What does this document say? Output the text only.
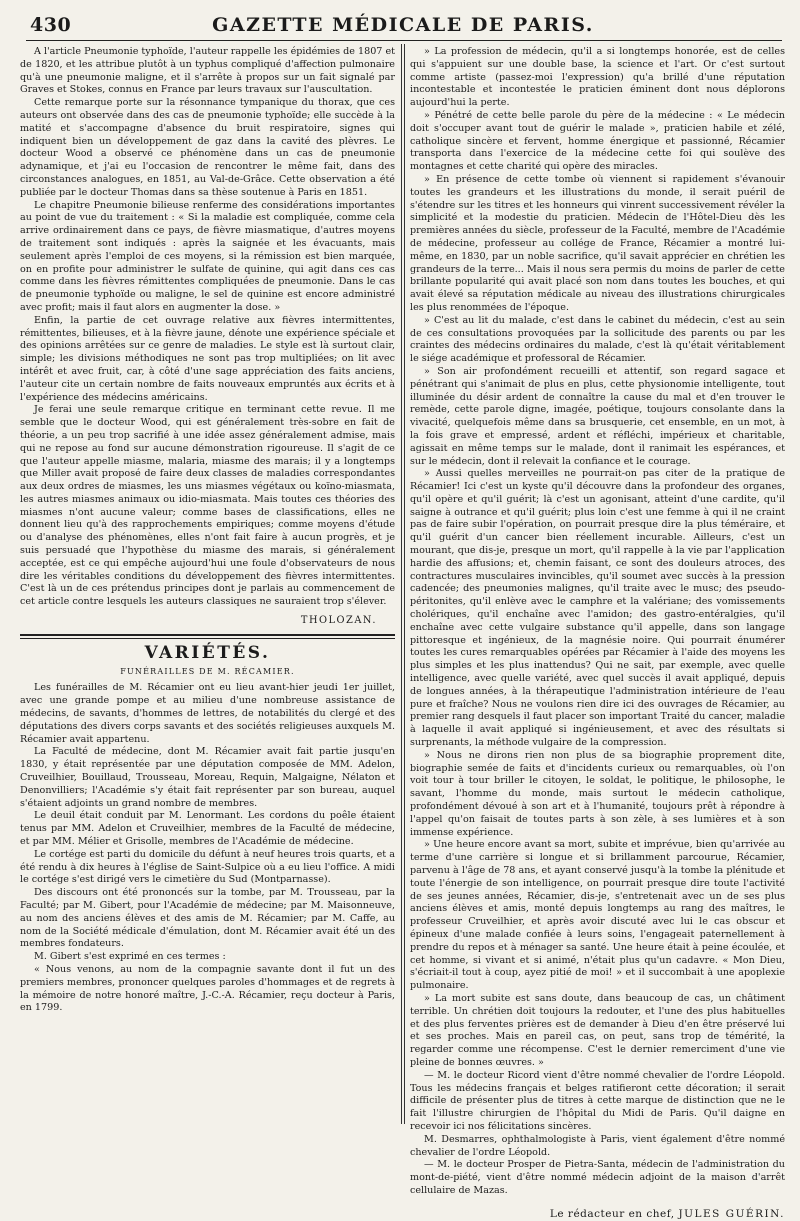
430	GAZETTE MÉDICALE DE PARIS.

A l'article Pneumonie typhoïde, l'auteur rappelle les épidémies de 1807 et de 1820, et les attribue plutôt à un typhus compliqué d'affection pulmonaire qu'à une pneumonie maligne, et il s'arrête à propos sur un fait signalé par Graves et Stokes, connus en France par leurs travaux sur l'auscultation.

Cette remarque porte sur la résonnance tympanique du thorax, que ces auteurs ont observée dans des cas de pneumonie typhoïde; elle succède à la matité et s'accompagne d'absence du bruit respiratoire, signes qui indiquent bien un développement de gaz dans la cavité des plèvres. Le docteur Wood a observé ce phénomène dans un cas de pneumonie adynamique, et j'ai eu l'occasion de rencontrer le même fait, dans des circonstances analogues, en 1851, au Val-de-Grâce. Cette observation a été publiée par le docteur Thomas dans sa thèse soutenue à Paris en 1851.

Le chapitre Pneumonie bilieuse renferme des considérations importantes au point de vue du traitement : « Si la maladie est compliquée, comme cela arrive ordinairement dans ce pays, de fièvre miasmatique, d'autres moyens de traitement sont indiqués : après la saignée et les évacuants, mais seulement après l'emploi de ces moyens, si la rémission est bien marquée, on en profite pour administrer le sulfate de quinine, qui agit dans ces cas comme dans les fièvres rémittentes compliquées de pneumonie. Dans le cas de pneumonie typhoïde ou maligne, le sel de quinine est encore administré avec profit; mais il faut alors en augmenter la dose. »

Enfin, la partie de cet ouvrage relative aux fièvres intermittentes, rémittentes, bilieuses, et à la fièvre jaune, dénote une expérience spéciale et des opinions arrêtées sur ce genre de maladies. Le style est là surtout clair, simple; les divisions méthodiques ne sont pas trop multipliées; on lit avec intérêt et avec fruit, car, à côté d'une sage appréciation des faits anciens, l'auteur cite un certain nombre de faits nouveaux empruntés aux écrits et à l'expérience des médecins américains.

Je ferai une seule remarque critique en terminant cette revue. Il me semble que le docteur Wood, qui est généralement très-sobre en fait de théorie, a un peu trop sacrifié à une idée assez généralement admise, mais qui ne repose au fond sur aucune démonstration rigoureuse. Il s'agit de ce que l'auteur appelle miasme, malaria, miasme des marais; il y a longtemps que Miller avait proposé de faire deux classes de maladies correspondantes aux deux ordres de miasmes, les uns miasmes végétaux ou koïno-miasmata, les autres miasmes animaux ou idio-miasmata. Mais toutes ces théories des miasmes n'ont aucune valeur; comme bases de classifications, elles ne donnent lieu qu'à des rapprochements empiriques; comme moyens d'étude ou d'analyse des phénomènes, elles n'ont fait faire à aucun progrès, et je suis persuadé que l'hypothèse du miasme des marais, si généralement acceptée, est ce qui empêche aujourd'hui une foule d'observateurs de nous dire les véritables conditions du développement des fièvres intermittentes. C'est là un de ces prétendus principes dont je parlais au commencement de cet article contre lesquels les auteurs classiques ne sauraient trop s'élever.

THOLOZAN.

VARIÉTÉS.
FUNÉRAILLES DE M. RÉCAMIER.

Les funérailles de M. Récamier ont eu lieu avant-hier jeudi 1er juillet, avec une grande pompe et au milieu d'une nombreuse assistance de médecins, de savants, d'hommes de lettres, de notabilités du clergé et des députations des divers corps savants et des sociétés religieuses auxquels M. Récamier avait appartenu.

La Faculté de médecine, dont M. Récamier avait fait partie jusqu'en 1830, y était représentée par une députation composée de MM. Adelon, Cruveilhier, Bouillaud, Trousseau, Moreau, Requin, Malgaigne, Nélaton et Denonvilliers; l'Académie s'y était fait représenter par son bureau, auquel s'étaient adjoints un grand nombre de membres.

Le deuil était conduit par M. Lenormant. Les cordons du poêle étaient tenus par MM. Adelon et Cruveilhier, membres de la Faculté de médecine, et par MM. Mélier et Grisolle, membres de l'Académie de médecine.

Le cortége est parti du domicile du défunt à neuf heures trois quarts, et a été rendu à dix heures à l'église de Saint-Sulpice où a eu lieu l'office. A midi le cortége s'est dirigé vers le cimetière du Sud (Montparnasse).

Des discours ont été prononcés sur la tombe, par M. Trousseau, par la Faculté; par M. Gibert, pour l'Académie de médecine; par M. Maisonneuve, au nom des anciens élèves et des amis de M. Récamier; par M. Caffe, au nom de la Société médicale d'émulation, dont M. Récamier avait été un des membres fondateurs.

M. Gibert s'est exprimé en ces termes :

« Nous venons, au nom de la compagnie savante dont il fut un des premiers membres, prononcer quelques paroles d'hommages et de regrets à la mémoire de notre honoré maître, J.-C.-A. Récamier, reçu docteur à Paris, en 1799.

» La profession de médecin, qu'il a si longtemps honorée, est de celles qui s'appuient sur une double base, la science et l'art. Or c'est surtout comme artiste (passez-moi l'expression) qu'a brillé d'une réputation incontestable et incontestée le praticien éminent dont nous déplorons aujourd'hui la perte.

» Pénétré de cette belle parole du père de la médecine : « Le médecin doit s'occuper avant tout de guérir le malade », praticien habile et zélé, catholique sincère et fervent, homme énergique et passionné, Récamier transporta dans l'exercice de la médecine cette foi qui soulève des montagnes et cette charité qui opère des miracles.

» En présence de cette tombe où viennent si rapidement s'évanouir toutes les grandeurs et les illustrations du monde, il serait puéril de s'étendre sur les titres et les honneurs qui vinrent successivement révéler la simplicité et la modestie du praticien. Médecin de l'Hôtel-Dieu dès les premières années du siècle, professeur de la Faculté, membre de l'Académie de médecine, professeur au collége de France, Récamier a montré lui-même, en 1830, par un noble sacrifice, qu'il savait apprécier en chrétien les grandeurs de la terre... Mais il nous sera permis du moins de parler de cette brillante popularité qui avait placé son nom dans toutes les bouches, et qui avait élevé sa réputation médicale au niveau des illustrations chirurgicales les plus renommées de l'époque.

» C'est au lit du malade, c'est dans le cabinet du médecin, c'est au sein de ces consultations provoquées par la sollicitude des parents ou par les craintes des médecins ordinaires du malade, c'est là qu'était véritablement le siége académique et professoral de Récamier.

» Son air profondément recueilli et attentif, son regard sagace et pénétrant qui s'animait de plus en plus, cette physionomie intelligente, tout illuminée du désir ardent de connaître la cause du mal et d'en trouver le remède, cette parole digne, imagée, poétique, toujours consolante dans la vivacité, quelquefois même dans sa brusquerie, cet ensemble, en un mot, à la fois grave et empressé, ardent et réfléchi, impérieux et charitable, agissait en même temps sur le malade, dont il ranimait les espérances, et sur le médecin, dont il relevait la confiance et le courage.

» Aussi quelles merveilles ne pourrait-on pas citer de la pratique de Récamier! Ici c'est un kyste qu'il découvre dans la profondeur des organes, qu'il opère et qu'il guérit; là c'est un agonisant, atteint d'une cardite, qu'il saigne à outrance et qu'il guérit; plus loin c'est une femme à qui il ne craint pas de faire subir l'opération, on pourrait presque dire la plus téméraire, et qu'il guérit d'un cancer bien réellement incurable. Ailleurs, c'est un mourant, que dis-je, presque un mort, qu'il rappelle à la vie par l'application hardie des affusions; et, chemin faisant, ce sont des douleurs atroces, des contractures musculaires invincibles, qu'il soumet avec succès à la pression cadencée; des pneumonies malignes, qu'il traite avec le musc; des pseudo-péritonites, qu'il enlève avec le camphre et la valériane; des vomissements cholériques, qu'il enchaîne avec l'amidon; des gastro-entéralgies, qu'il enchaîne avec cette vulgaire substance qu'il appelle, dans son langage pittoresque et ingénieux, de la magnésie noire. Qui pourrait énumérer toutes les cures remarquables opérées par Récamier à l'aide des moyens les plus simples et les plus inattendus? Qui ne sait, par exemple, avec quelle intelligence, avec quelle variété, avec quel succès il avait appliqué, depuis de longues années, à la thérapeutique l'administration intérieure de l'eau pure et fraîche? Nous ne voulons rien dire ici des ouvrages de Récamier, au premier rang desquels il faut placer son important Traité du cancer, maladie à laquelle il avait appliqué si ingénieusement, et avec des résultats si surprenants, la méthode vulgaire de la compression.

» Nous ne dirons rien non plus de sa biographie proprement dite, biographie semée de faits et d'incidents curieux ou remarquables, où l'on voit tour à tour briller le citoyen, le soldat, le politique, le philosophe, le savant, l'homme du monde, mais surtout le médecin catholique, profondément dévoué à son art et à l'humanité, toujours prêt à répondre à l'appel qu'on faisait de toutes parts à son zèle, à ses lumières et à son immense expérience.

» Une heure encore avant sa mort, subite et imprévue, bien qu'arrivée au terme d'une carrière si longue et si brillamment parcourue, Récamier, parvenu à l'âge de 78 ans, et ayant conservé jusqu'à la tombe la plénitude et toute l'énergie de son intelligence, on pourrait presque dire toute l'activité de ses jeunes années, Récamier, dis-je, s'entretenait avec un de ses plus anciens élèves et amis, monté depuis longtemps au rang des maîtres, le professeur Cruveilhier, et après avoir discuté avec lui le cas obscur et épineux d'une malade confiée à leurs soins, l'engageait paternellement à prendre du repos et à ménager sa santé. Une heure était à peine écoulée, et cet homme, si vivant et si animé, n'était plus qu'un cadavre. « Mon Dieu, s'écriait-il tout à coup, ayez pitié de moi! » et il succombait à une apoplexie pulmonaire.

» La mort subite est sans doute, dans beaucoup de cas, un châtiment terrible. Un chrétien doit toujours la redouter, et l'une des plus habituelles et des plus ferventes prières est de demander à Dieu d'en être préservé lui et ses proches. Mais en pareil cas, on peut, sans trop de témérité, la regarder comme une récompense. C'est le dernier remerciment d'une vie pleine de bonnes œuvres. »

— M. le docteur Ricord vient d'être nommé chevalier de l'ordre Léopold. Tous les médecins français et belges ratifieront cette décoration; il serait difficile de présenter plus de titres à cette marque de distinction que ne le fait l'illustre chirurgien de l'hôpital du Midi de Paris. Qu'il daigne en recevoir ici nos félicitations sincères.

M. Desmarres, ophthalmologiste à Paris, vient également d'être nommé chevalier de l'ordre Léopold.

— M. le docteur Prosper de Pietra-Santa, médecin de l'administration du mont-de-piété, vient d'être nommé médecin adjoint de la maison d'arrêt cellulaire de Mazas.

Le rédacteur en chef, JULES GUÉRIN.
